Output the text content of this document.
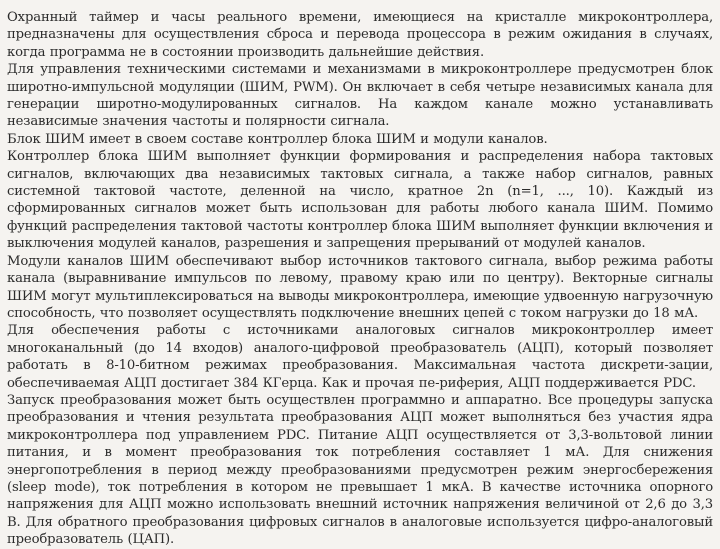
Охранный таймер и часы реального времени, имеющиеся на кристалле микроконтроллера, предназначены для осуществления сброса и перевода процессора в режим ожидания в случаях, когда программа не в состоянии производить дальнейшие действия.

Для управления техническими системами и механизмами в микроконтроллере предусмотрен блок широтно-импульсной модуляции (ШИМ, PWM). Он включает в себя четыре независимых канала для генерации широтно-модулированных сигналов. На каждом канале можно устанавливать независимые значения частоты и полярности сигнала.

Блок ШИМ имеет в своем составе контроллер блока ШИМ и модули каналов.

Контроллер блока ШИМ выполняет функции формирования и распределения набора тактовых сигналов, включающих два независимых тактовых сигнала, а также набор сигналов, равных системной тактовой частоте, деленной на число, кратное 2n (n=1, ..., 10). Каждый из сформированных сигналов может быть использован для работы любого канала ШИМ. Помимо функций распределения тактовой частоты контроллер блока ШИМ выполняет функции включения и выключения модулей каналов, разрешения и запрещения прерываний от модулей каналов.

Модули каналов ШИМ обеспечивают выбор источников тактового сигнала, выбор режима работы канала (выравнивание импульсов по левому, правому краю или по центру). Векторные сигналы ШИМ могут мультиплексироваться на выводы микроконтроллера, имеющие удвоенную нагрузочную способность, что позволяет осуществлять подключение внешних цепей с током нагрузки до 18 мА.

Для обеспечения работы с источниками аналоговых сигналов микроконтроллер имеет многоканальный (до 14 входов) аналого-цифровой преобразователь (АЦП), который позволяет работать в 8-10-битном режимах преобразования. Максимальная частота дискрети-зации, обеспечиваемая АЦП достигает 384 КГерца. Как и прочая пе-риферия, АЦП поддерживается PDC.

Запуск преобразования может быть осуществлен программно и аппаратно. Все процедуры запуска преобразования и чтения результата преобразования АЦП может выполняться без участия ядра микроконтроллера под управлением PDC. Питание АЦП осуществляется от 3,3-вольтовой линии питания, и в момент преобразования ток потребления составляет 1 мА. Для снижения энергопотребления в период между преобразованиями предусмотрен режим энергосбережения (sleep mode), ток потребления в котором не превышает 1 мкА. В качестве источника опорного напряжения для АЦП можно использовать внешний источник напряжения величиной от 2,6 до 3,3 В. Для обратного преобразования цифровых сигналов в аналоговые используется цифро-аналоговый преобразователь (ЦАП).
